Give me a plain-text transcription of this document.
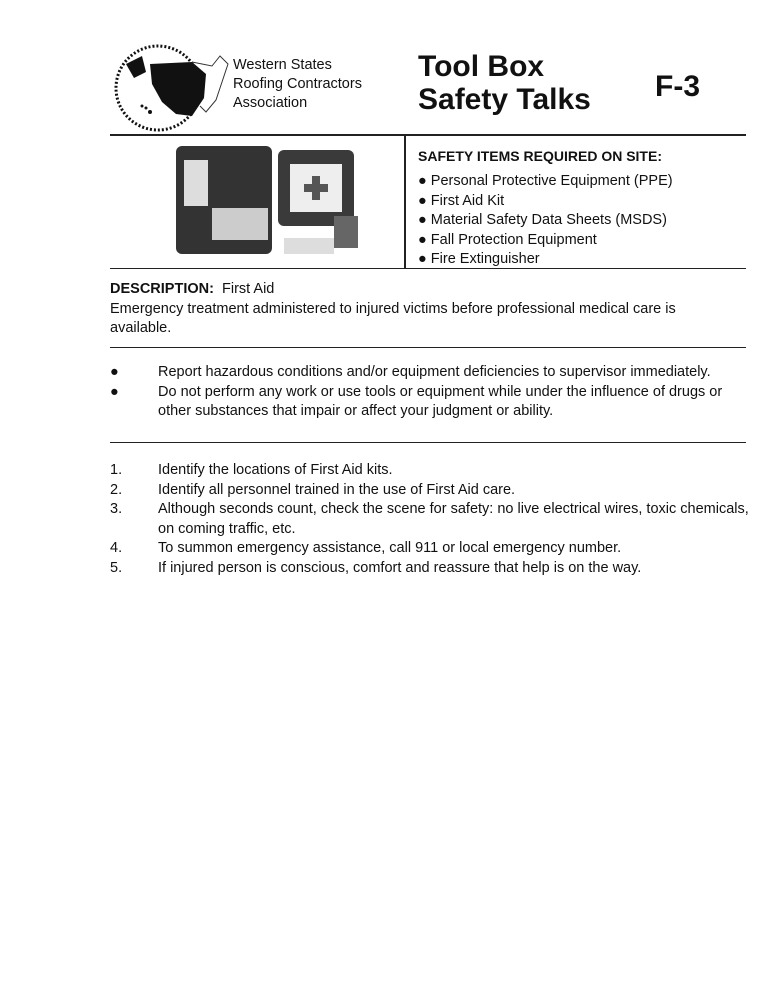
Western States
Roofing Contractors
Association
Tool Box
Safety Talks F-3
SAFETY ITEMS REQUIRED ON SITE:
● Personal Protective Equipment (PPE)
● First Aid Kit
● Material Safety Data Sheets (MSDS)
● Fall Protection Equipment
● Fire Extinguisher
DESCRIPTION: First Aid
Emergency treatment administered to injured victims before professional medical care is available.
●	Report hazardous conditions and/or equipment deficiencies to supervisor immediately.
●	Do not perform any work or use tools or equipment while under the influence of drugs or other substances that impair or affect your judgment or ability.
1.	Identify the locations of First Aid kits.
2.	Identify all personnel trained in the use of First Aid care.
3.	Although seconds count, check the scene for safety: no live electrical wires, toxic chemicals, on coming traffic, etc.
4.	To summon emergency assistance, call 911 or local emergency number.
5.	If injured person is conscious, comfort and reassure that help is on the way.
